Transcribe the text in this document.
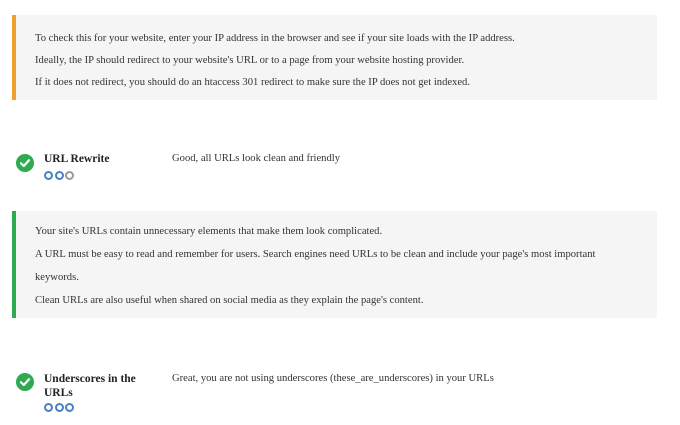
To check this for your website, enter your IP address in the browser and see if your site loads with the IP address.

Ideally, the IP should redirect to your website's URL or to a page from your website hosting provider.

If it does not redirect, you should do an htaccess 301 redirect to make sure the IP does not get indexed.

URL Rewrite	Good, all URLs look clean and friendly

Your site's URLs contain unnecessary elements that make them look complicated.

A URL must be easy to read and remember for users. Search engines need URLs to be clean and include your page's most important

keywords.

Clean URLs are also useful when shared on social media as they explain the page's content.

Underscores in the URLs
Great, you are not using underscores (these_are_underscores) in your URLs
